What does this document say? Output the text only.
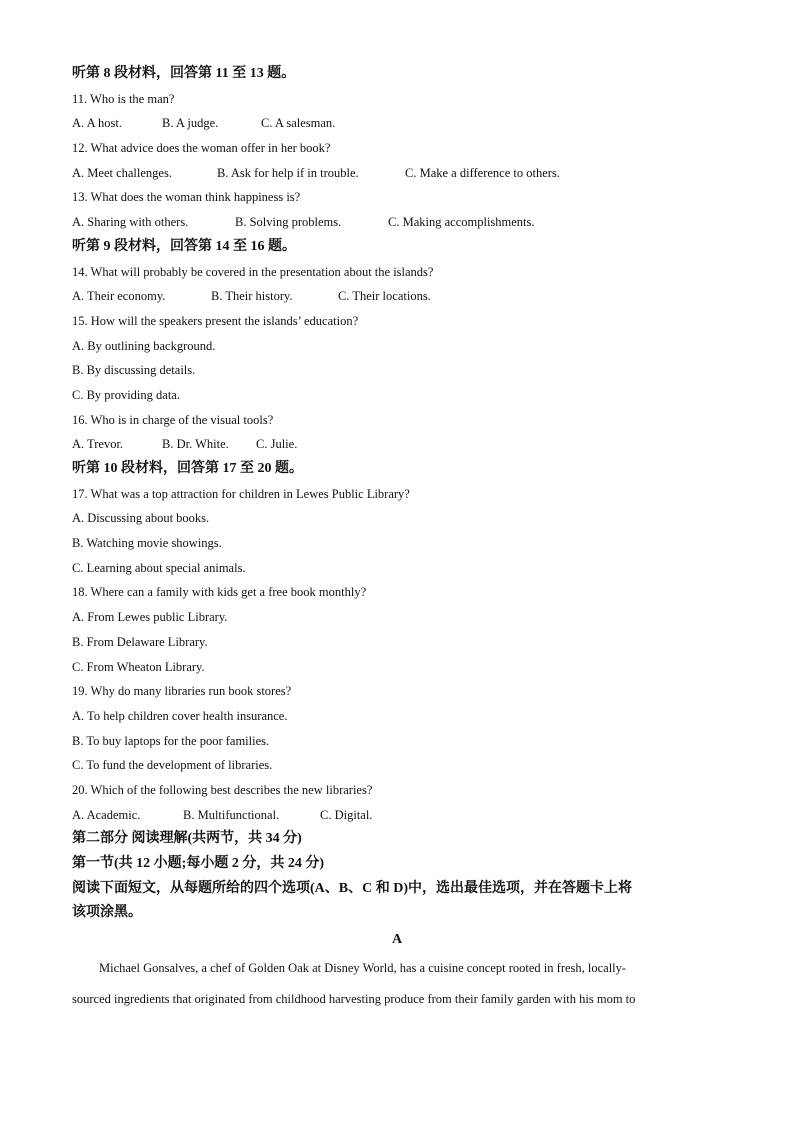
听第 8 段材料，回答第 11 至 13 题。
11. Who is the man?
A. A host.	B. A judge.	C. A salesman.
12. What advice does the woman offer in her book?
A. Meet challenges.	B. Ask for help if in trouble.	C. Make a difference to others.
13. What does the woman think happiness is?
A. Sharing with others.	B. Solving problems.	C. Making accomplishments.
听第 9 段材料，回答第 14 至 16 题。
14. What will probably be covered in the presentation about the islands?
A. Their economy.	B. Their history.	C. Their locations.
15. How will the speakers present the islands’ education?
A. By outlining background.
B. By discussing details.
C. By providing data.
16. Who is in charge of the visual tools?
A. Trevor.	B. Dr. White. C. Julie.
听第 10 段材料，回答第 17 至 20 题。
17. What was a top attraction for children in Lewes Public Library?
A. Discussing about books.
B. Watching movie showings.
C. Learning about special animals.
18. Where can a family with kids get a free book monthly?
A. From Lewes public Library.
B. From Delaware Library.
C. From Wheaton Library.
19. Why do many libraries run book stores?
A. To help children cover health insurance.
B. To buy laptops for the poor families.
C. To fund the development of libraries.
20. Which of the following best describes the new libraries?
A. Academic.	B. Multifunctional.	C. Digital.
第二部分 阅读理解(共两节，共 34 分)
第一节(共 12 小题;每小题 2 分，共 24 分)
阅读下面短文，从每题所给的四个选项(A、B、C 和 D)中，选出最佳选项，并在答题卡上将
该项涂黑。
A
Michael Gonsalves, a chef of Golden Oak at Disney World, has a cuisine concept rooted in fresh, locally-
sourced ingredients that originated from childhood harvesting produce from their family garden with his mom to
